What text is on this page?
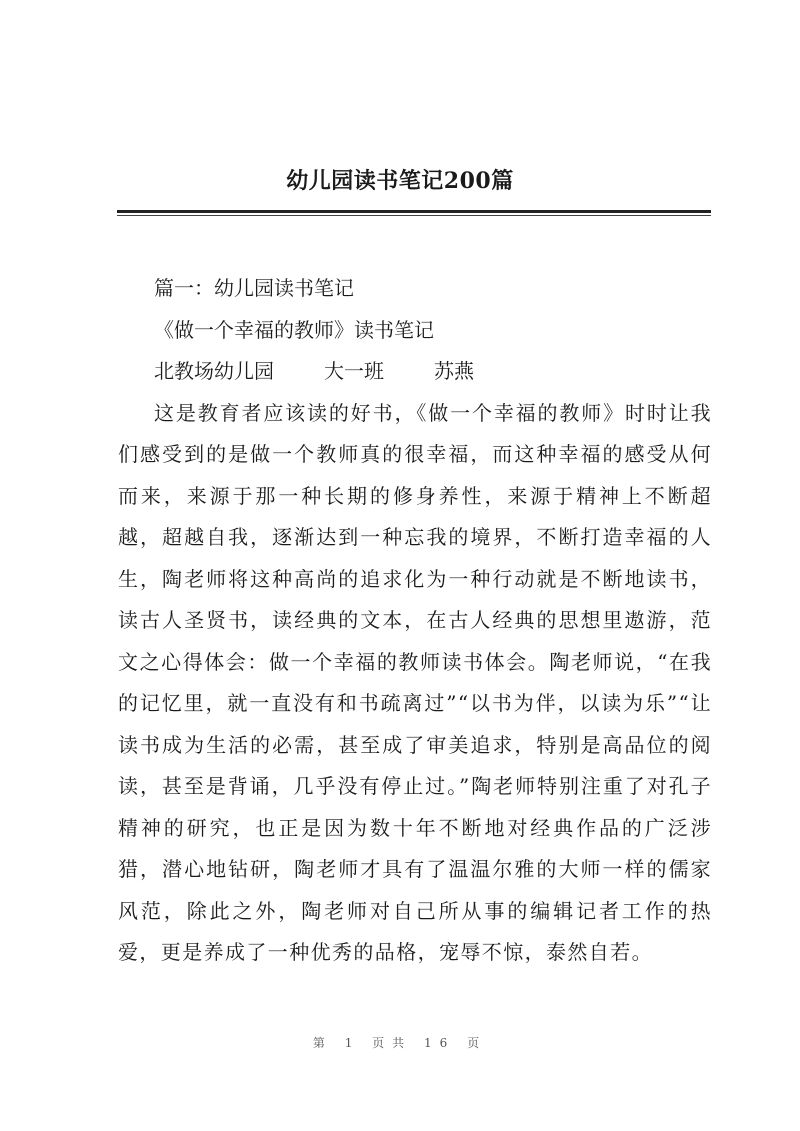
幼儿园读书笔记200篇

篇一：幼儿园读书笔记

《做一个幸福的教师》读书笔记

北教场幼儿园	大一班	苏燕

这是教育者应该读的好书，《做一个幸福的教师》时时让我们感受到的是做一个教师真的很幸福，而这种幸福的感受从何而来，来源于那一种长期的修身养性，来源于精神上不断超越，超越自我，逐渐达到一种忘我的境界，不断打造幸福的人生，陶老师将这种高尚的追求化为一种行动就是不断地读书，读古人圣贤书，读经典的文本，在古人经典的思想里遨游，范文之心得体会：做一个幸福的教师读书体会。陶老师说，“在我的记忆里，就一直没有和书疏离过”“以书为伴，以读为乐”“让读书成为生活的必需，甚至成了审美追求，特别是高品位的阅读，甚至是背诵，几乎没有停止过。”陶老师特别注重了对孔子精神的研究，也正是因为数十年不断地对经典作品的广泛涉猎，潜心地钻研，陶老师才具有了温温尔雅的大师一样的儒家风范，除此之外，陶老师对自己所从事的编辑记者工作的热爱，更是养成了一种优秀的品格，宠辱不惊，泰然自若。

第 1 页共 16 页
